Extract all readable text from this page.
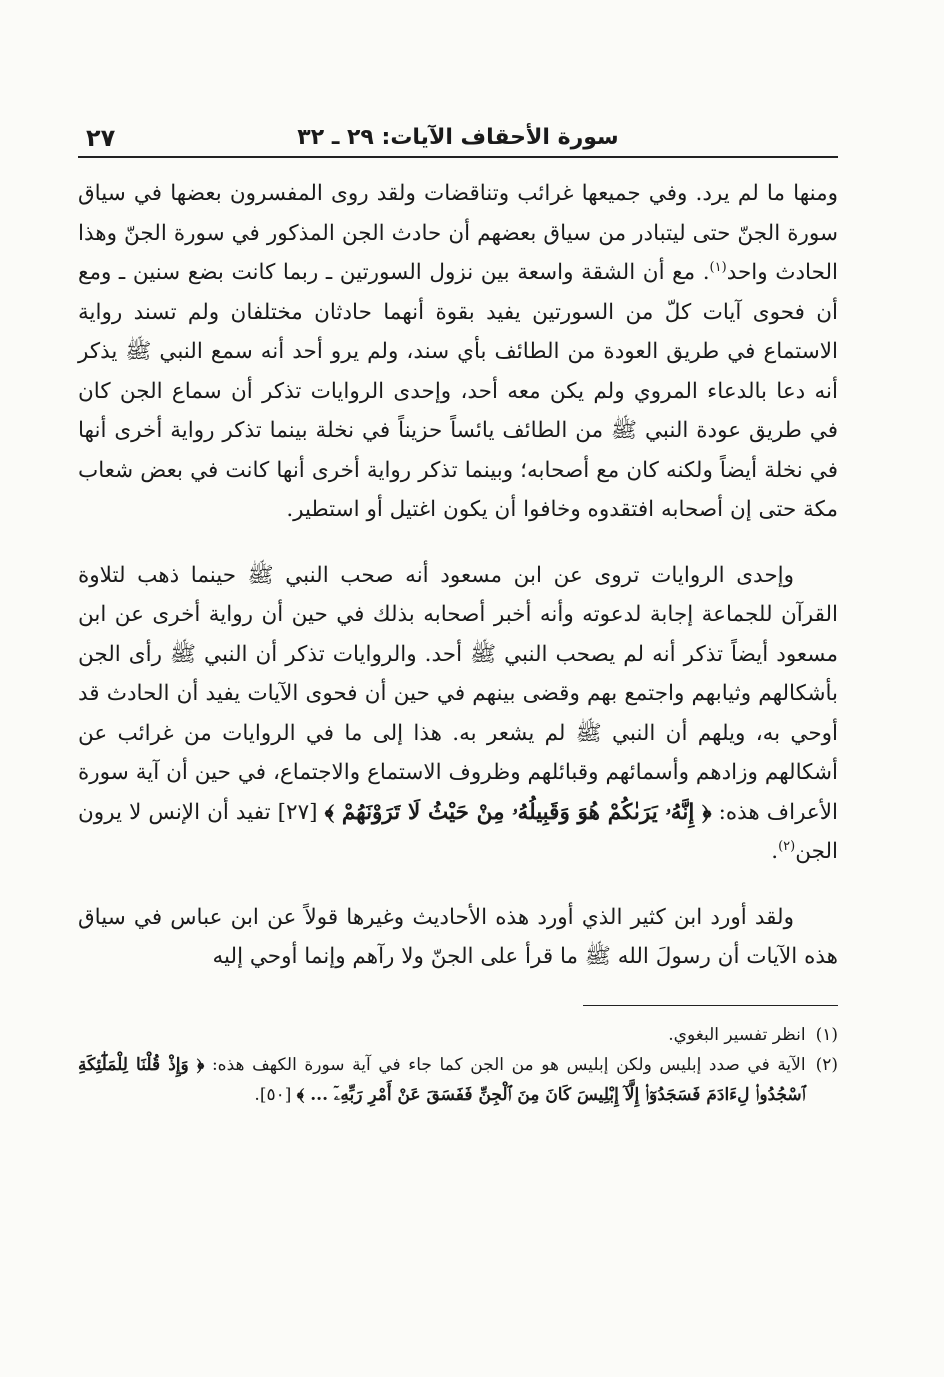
سورة الأحقاف الآيات: ٢٩ ـ ٣٢
٢٧

ومنها ما لم يرد. وفي جميعها غرائب وتناقضات ولقد روى المفسرون بعضها في سياق سورة الجنّ حتى ليتبادر من سياق بعضهم أن حادث الجن المذكور في سورة الجنّ وهذا الحادث واحد$^{(١)}$. مع أن الشقة واسعة بين نزول السورتين ـ ربما كانت بضع سنين ـ ومع أن فحوى آيات كلّ من السورتين يفيد بقوة أنهما حادثان مختلفان ولم تسند رواية الاستماع في طريق العودة من الطائف بأي سند، ولم يرو أحد أنه سمع النبي ﷺ يذكر أنه دعا بالدعاء المروي ولم يكن معه أحد، وإحدى الروايات تذكر أن سماع الجن كان في طريق عودة النبي ﷺ من الطائف يائساً حزيناً في نخلة بينما تذكر رواية أخرى أنها في نخلة أيضاً ولكنه كان مع أصحابه؛ وبينما تذكر رواية أخرى أنها كانت في بعض شعاب مكة حتى إن أصحابه افتقدوه وخافوا أن يكون اغتيل أو استطير.

وإحدى الروايات تروى عن ابن مسعود أنه صحب النبي ﷺ حينما ذهب لتلاوة القرآن للجماعة إجابة لدعوته وأنه أخبر أصحابه بذلك في حين أن رواية أخرى عن ابن مسعود أيضاً تذكر أنه لم يصحب النبي ﷺ أحد. والروايات تذكر أن النبي ﷺ رأى الجن بأشكالهم وثيابهم واجتمع بهم وقضى بينهم في حين أن فحوى الآيات يفيد أن الحادث قد أوحي به، ويلهم أن النبي ﷺ لم يشعر به. هذا إلى ما في الروايات من غرائب عن أشكالهم وزادهم وأسمائهم وقبائلهم وظروف الاستماع والاجتماع، في حين أن آية سورة الأعراف هذه: ﴿ إِنَّهُۥ يَرَىٰكُمْ هُوَ وَقَبِيلُهُۥ مِنْ حَيْثُ لَا تَرَوْنَهُمْ ﴾ [٢٧] تفيد أن الإنس لا يرون الجن$^{(٢)}$.

ولقد أورد ابن كثير الذي أورد هذه الأحاديث وغيرها قولاً عن ابن عباس في سياق هذه الآيات أن رسولَ الله ﷺ ما قرأ على الجنّ ولا رآهم وإنما أوحي إليه

(١)
انظر تفسير البغوي.
(٢)
الآية في صدد إبليس ولكن إبليس هو من الجن كما جاء في آية سورة الكهف هذه: ﴿ وَإِذْ قُلْنَا لِلْمَلَٰٓئِكَةِ ٱسْجُدُوا۟ لِءَادَمَ فَسَجَدُوٓا۟ إِلَّآ إِبْلِيسَ كَانَ مِنَ ٱلْجِنِّ فَفَسَقَ عَنْ أَمْرِ رَبِّهِۦٓ ... ﴾ [٥٠].
